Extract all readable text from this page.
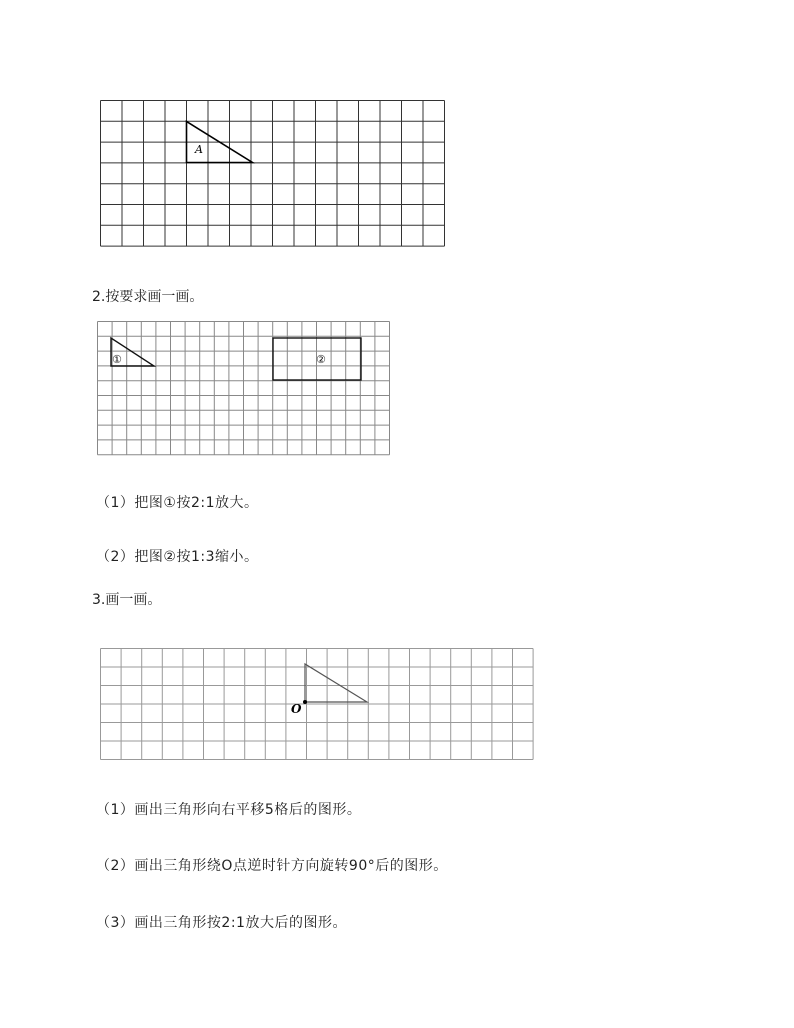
A
2.按要求画一画。
①	②
（1）把图①按2:1放大。
（2）把图②按1:3缩小。
3.画一画。
O
（1）画出三角形向右平移5格后的图形。
（2）画出三角形绕O点逆时针方向旋转90°后的图形。
（3）画出三角形按2:1放大后的图形。
